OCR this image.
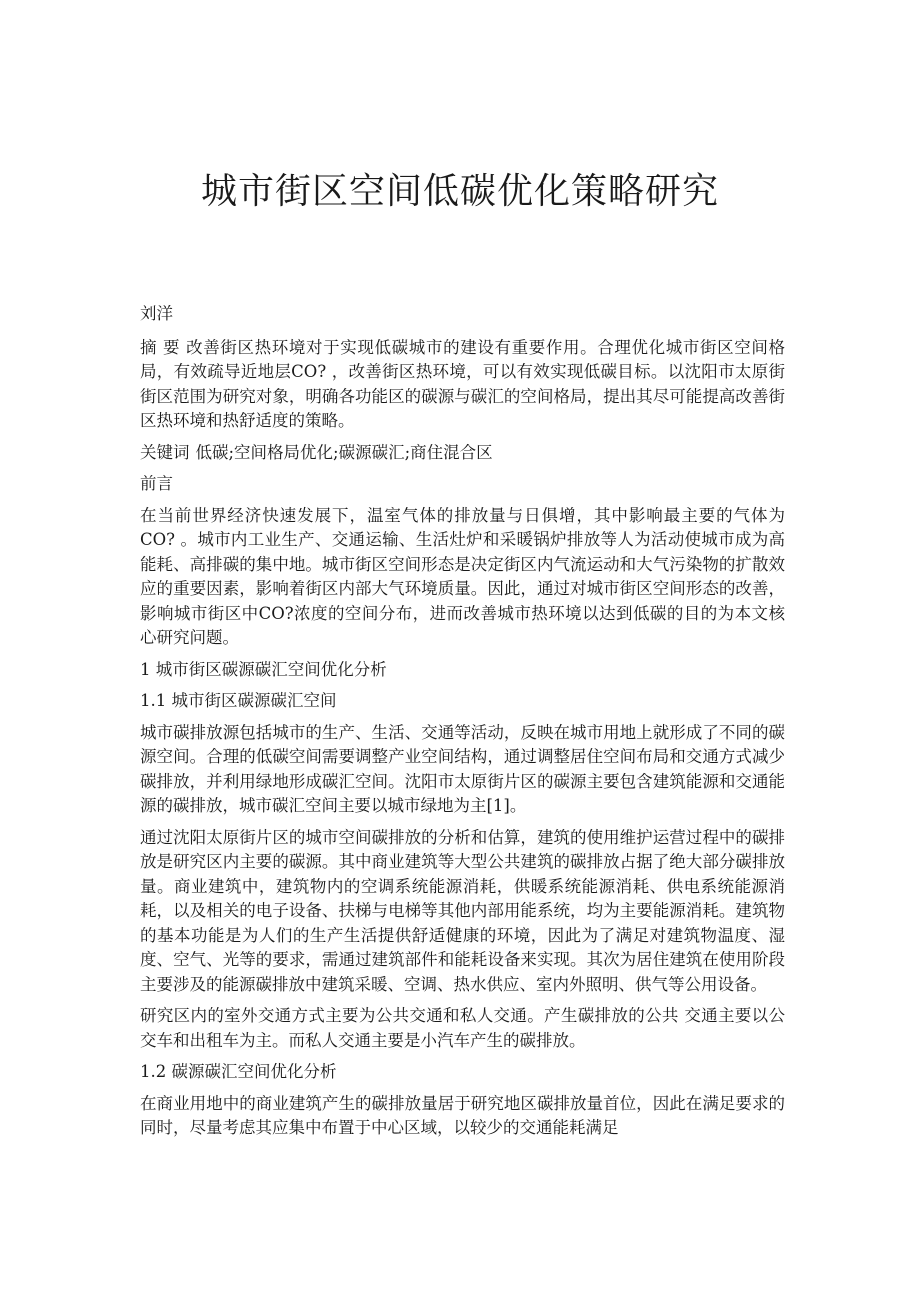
城市街区空间低碳优化策略研究

刘洋

摘 要 改善街区热环境对于实现低碳城市的建设有重要作用。合理优化城市街区空间格局，有效疏导近地层CO? ，改善街区热环境，可以有效实现低碳目标。以沈阳市太原街街区范围为研究对象，明确各功能区的碳源与碳汇的空间格局，提出其尽可能提高改善街区热环境和热舒适度的策略。

关键词 低碳;空间格局优化;碳源碳汇;商住混合区

前言

在当前世界经济快速发展下，温室气体的排放量与日俱增，其中影响最主要的气体为CO? 。城市内工业生产、交通运输、生活灶炉和采暖锅炉排放等人为活动使城市成为高能耗、高排碳的集中地。城市街区空间形态是决定街区内气流运动和大气污染物的扩散效应的重要因素，影响着街区内部大气环境质量。因此，通过对城市街区空间形态的改善，影响城市街区中CO?浓度的空间分布，进而改善城市热环境以达到低碳的目的为本文核心研究问题。

1 城市街区碳源碳汇空间优化分析

1.1 城市街区碳源碳汇空间

城市碳排放源包括城市的生产、生活、交通等活动，反映在城市用地上就形成了不同的碳源空间。合理的低碳空间需要调整产业空间结构，通过调整居住空间布局和交通方式减少碳排放，并利用绿地形成碳汇空间。沈阳市太原街片区的碳源主要包含建筑能源和交通能源的碳排放，城市碳汇空间主要以城市绿地为主[1]。

通过沈阳太原街片区的城市空间碳排放的分析和估算，建筑的使用维护运营过程中的碳排放是研究区内主要的碳源。其中商业建筑等大型公共建筑的碳排放占据了绝大部分碳排放量。商业建筑中，建筑物内的空调系统能源消耗，供暖系统能源消耗、供电系统能源消耗，以及相关的电子设备、扶梯与电梯等其他内部用能系统，均为主要能源消耗。建筑物的基本功能是为人们的生产生活提供舒适健康的环境，因此为了满足对建筑物温度、湿度、空气、光等的要求，需通过建筑部件和能耗设备来实现。其次为居住建筑在使用阶段主要涉及的能源碳排放中建筑采暖、空调、热水供应、室内外照明、供气等公用设备。

研究区内的室外交通方式主要为公共交通和私人交通。产生碳排放的公共 交通主要以公交车和出租车为主。而私人交通主要是小汽车产生的碳排放。

1.2 碳源碳汇空间优化分析

在商业用地中的商业建筑产生的碳排放量居于研究地区碳排放量首位，因此在满足要求的同时，尽量考虑其应集中布置于中心区域，以较少的交通能耗满足
